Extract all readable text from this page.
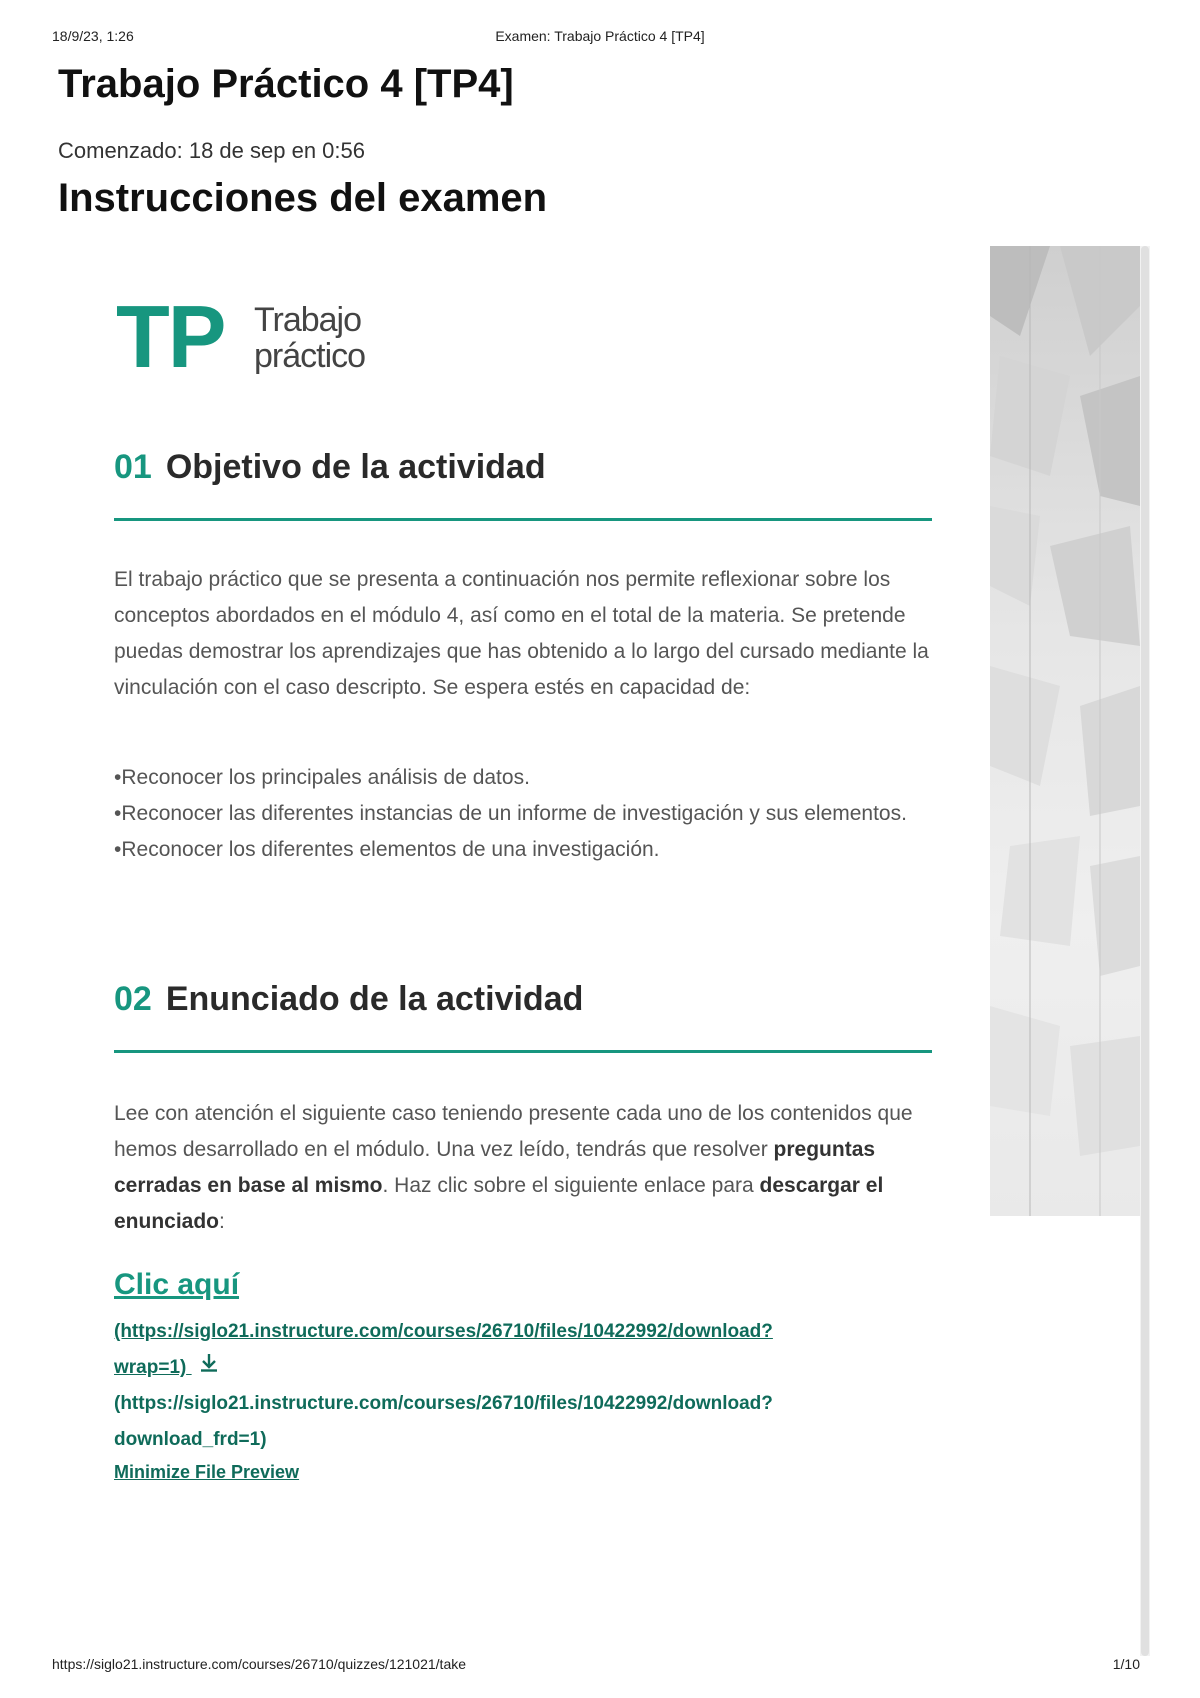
18/9/23, 1:26	Examen: Trabajo Práctico 4 [TP4]
Trabajo Práctico 4 [TP4]
Comenzado: 18 de sep en 0:56
Instrucciones del examen
TP Trabajo
práctico
01 Objetivo de la actividad

El trabajo práctico que se presenta a continuación nos permite reflexionar sobre los conceptos abordados en el módulo 4, así como en el total de la materia. Se pretende puedas demostrar los aprendizajes que has obtenido a lo largo del cursado mediante la vinculación con el caso descripto. Se espera estés en capacidad de:

•Reconocer los principales análisis de datos.
•Reconocer las diferentes instancias de un informe de investigación y sus elementos.
•Reconocer los diferentes elementos de una investigación.
02 Enunciado de la actividad

Lee con atención el siguiente caso teniendo presente cada uno de los contenidos que hemos desarrollado en el módulo. Una vez leído, tendrás que resolver preguntas cerradas en base al mismo. Haz clic sobre el siguiente enlace para descargar el enunciado:

Clic aquí
(https://siglo21.instructure.com/courses/26710/files/10422992/download?
wrap=1)
(https://siglo21.instructure.com/courses/26710/files/10422992/download?
download_frd=1)
Minimize File Preview
https://siglo21.instructure.com/courses/26710/quizzes/121021/take	1/10
